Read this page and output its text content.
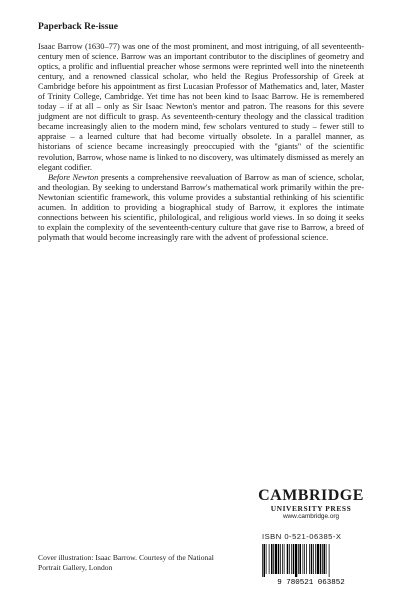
Paperback Re-issue

Isaac Barrow (1630–77) was one of the most prominent, and most intriguing, of all seventeenth-century men of science. Barrow was an important contributor to the disciplines of geometry and optics, a prolific and influential preacher whose sermons were reprinted well into the nineteenth century, and a renowned classical scholar, who held the Regius Professorship of Greek at Cambridge before his appointment as first Lucasian Professor of Mathematics and, later, Master of Trinity College, Cambridge. Yet time has not been kind to Isaac Barrow. He is remembered today – if at all – only as Sir Isaac Newton's mentor and patron. The reasons for this severe judgment are not difficult to grasp. As seventeenth-century theology and the classical tradition became increasingly alien to the modern mind, few scholars ventured to study – fewer still to appraise – a learned culture that had become virtually obsolete. In a parallel manner, as historians of science became increasingly preoccupied with the "giants" of the scientific revolution, Barrow, whose name is linked to no discovery, was ultimately dismissed as merely an elegant codifier.

Before Newton presents a comprehensive reevaluation of Barrow as man of science, scholar, and theologian. By seeking to understand Barrow's mathematical work primarily within the pre-Newtonian scientific framework, this volume provides a substantial rethinking of his scientific acumen. In addition to providing a biographical study of Barrow, it explores the intimate connections between his scientific, philological, and religious world views. In so doing it seeks to explain the complexity of the seventeenth-century culture that gave rise to Barrow, a breed of polymath that would become increasingly rare with the advent of professional science.

CAMBRIDGE
UNIVERSITY PRESS
www.cambridge.org
ISBN 0-521-06385-X
9 780521 063852
Cover illustration: Isaac Barrow. Courtesy of the National Portrait Gallery, London
